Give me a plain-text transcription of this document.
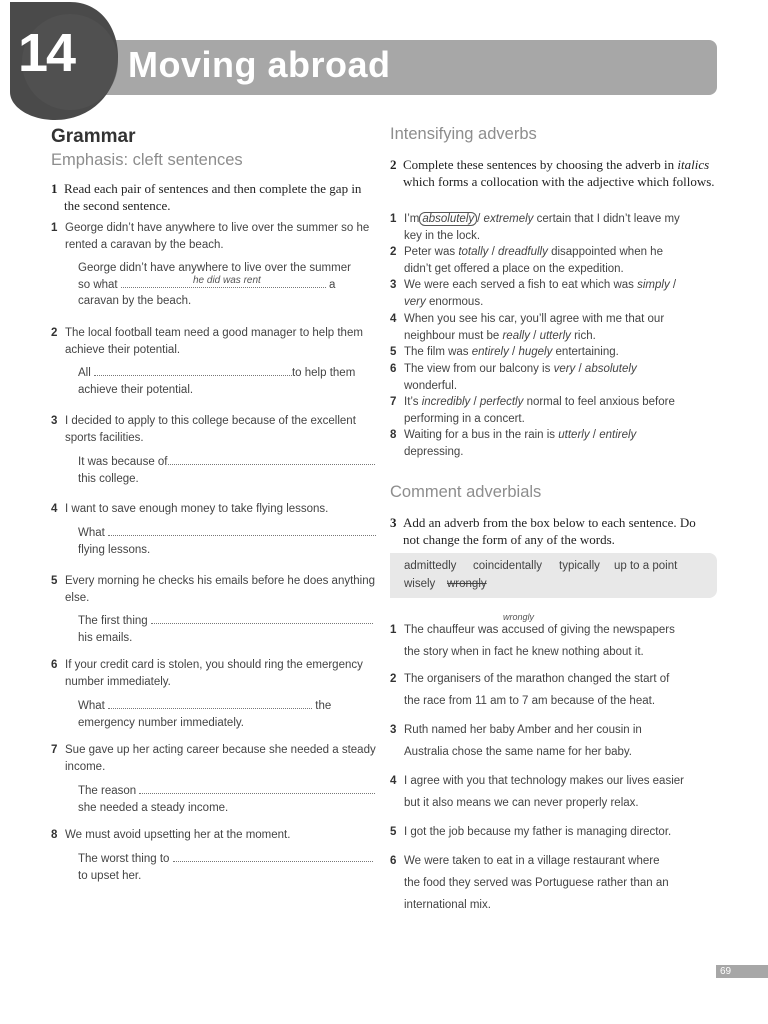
Moving abroad
14
Grammar
Emphasis: cleft sentences
1 Read each pair of sentences and then complete the gap in the second sentence.
1 George didn’t have anywhere to live over the summer so he rented a caravan by the beach.
George didn’t have anywhere to live over the summer
so what	a
caravan by the beach.
he did was rent
2 The local football team need a good manager to help them achieve their potential.
All	to help them
achieve their potential.
3 I decided to apply to this college because of the excellent sports facilities.
It was because of
this college.
4 I want to save enough money to take flying lessons.
What
flying lessons.
5 Every morning he checks his emails before he does anything else.
The first thing
his emails.
6 If your credit card is stolen, you should ring the emergency number immediately.
What	the
emergency number immediately.
7 Sue gave up her acting career because she needed a steady income.
The reason
she needed a steady income.
8 We must avoid upsetting her at the moment.
The worst thing to
to upset her.
Intensifying adverbs
2 Complete these sentences by choosing the adverb in italics which forms a collocation with the adjective which follows.
1 I’m absolutely / extremely certain that I didn’t leave my
key in the lock.
2 Peter was totally / dreadfully disappointed when he
didn’t get offered a place on the expedition.
3 We were each served a fish to eat which was simply /
very enormous.
4 When you see his car, you’ll agree with me that our
neighbour must be really / utterly rich.
5 The film was entirely / hugely entertaining.
6 The view from our balcony is very / absolutely
wonderful.
7 It’s incredibly / perfectly normal to feel anxious before
performing in a concert.
8 Waiting for a bus in the rain is utterly / entirely
depressing.
Comment adverbials
3 Add an adverb from the box below to each sentence. Do not change the form of any of the words.
admittedly coincidentally typically up to a point
wisely wrongly
wrongly
1 The chauffeur was accused of giving the newspapers
the story when in fact he knew nothing about it.
2 The organisers of the marathon changed the start of
the race from 11 am to 7 am because of the heat.
3 Ruth named her baby Amber and her cousin in
Australia chose the same name for her baby.
4 I agree with you that technology makes our lives easier
but it also means we can never properly relax.
5 I got the job because my father is managing director.
6 We were taken to eat in a village restaurant where
the food they served was Portuguese rather than an
international mix.
69
